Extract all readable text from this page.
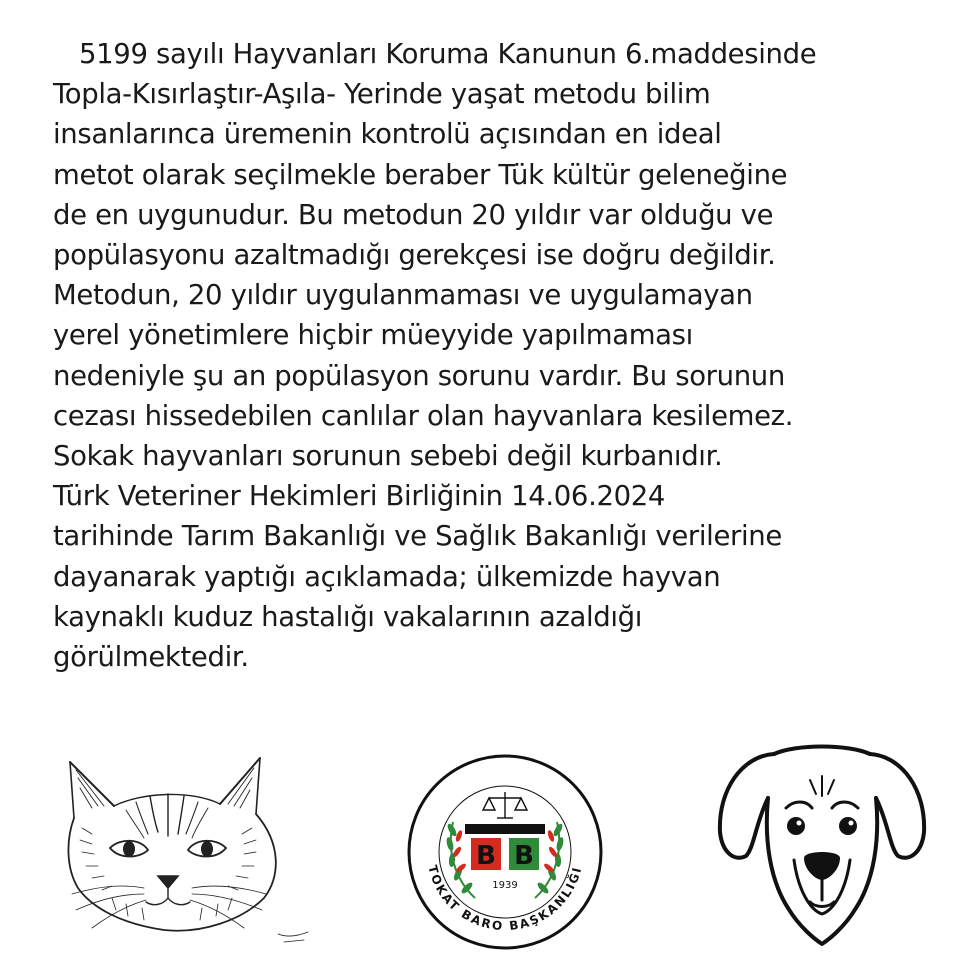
5199 sayılı Hayvanları Koruma Kanunun 6.maddesinde
Topla-Kısırlaştır-Aşıla- Yerinde yaşat metodu bilim
insanlarınca üremenin kontrolü açısından en ideal
metot olarak seçilmekle beraber Tük kültür geleneğine
de en uygunudur. Bu metodun 20 yıldır var olduğu ve
popülasyonu azaltmadığı gerekçesi ise doğru değildir.
Metodun, 20 yıldır uygulanmaması ve uygulamayan
yerel yönetimlere hiçbir müeyyide yapılmaması
nedeniyle şu an popülasyon sorunu vardır. Bu sorunun
cezası hissedebilen canlılar olan hayvanlara kesilemez.
Sokak hayvanları sorunun sebebi değil kurbanıdır.
Türk Veteriner Hekimleri Birliğinin 14.06.2024
tarihinde Tarım Bakanlığı ve Sağlık Bakanlığı verilerine
dayanarak yaptığı açıklamada; ülkemizde hayvan
kaynaklı kuduz hastalığı vakalarının azaldığı
görülmektedir.
B B
1939
TOKAT BARO BAŞKANLIĞI
